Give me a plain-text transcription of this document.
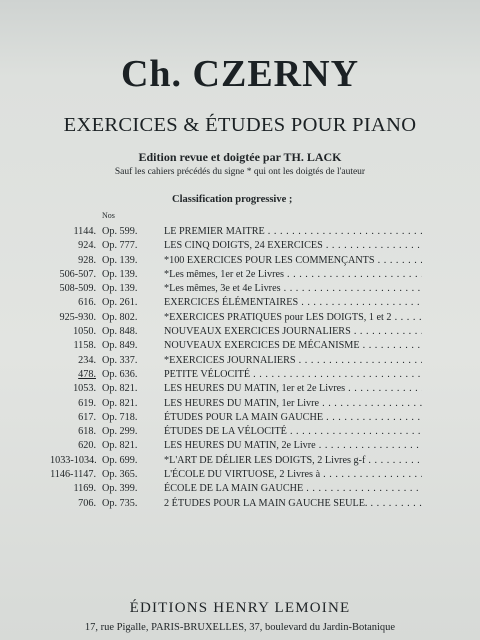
Ch. CZERNY
EXERCICES & ÉTUDES POUR PIANO
Edition revue et doigtée par TH. LACK
Sauf les cahiers précédés du signe * qui ont les doigtés de l'auteur
Classification progressive ;
Nos
1144. Op. 599.	LE PREMIER MAITRE . . .
924. Op. 777.	LES CINQ DOIGTS, 24 EXERCICES . . .
928. Op. 139.	*100 EXERCICES POUR LES COMMENÇANTS . . .
506-507. Op. 139.	*Les mêmes, 1er et 2e Livres . . .
508-509. Op. 139.	*Les mêmes, 3e et 4e Livres . . .
616. Op. 261.	EXERCICES ÉLÉMENTAIRES . . .
925-930. Op. 802.	*EXERCICES PRATIQUES pour LES DOIGTS, 1 et 2 . . .
1050. Op. 848.	NOUVEAUX EXERCICES JOURNALIERS . . .
1158. Op. 849.	NOUVEAUX EXERCICES DE MÉCANISME . . .
234. Op. 337.	*EXERCICES JOURNALIERS . . .
478. Op. 636.	PETITE VÉLOCITÉ . . .
1053. Op. 821.	LES HEURES DU MATIN, 1er et 2e Livres . . .
619. Op. 821.	LES HEURES DU MATIN, 1er Livre . . .
617. Op. 718.	ÉTUDES POUR LA MAIN GAUCHE . . .
618. Op. 299.	ÉTUDES DE LA VÉLOCITÉ . . .
620. Op. 821.	LES HEURES DU MATIN, 2e Livre . . .
1033-1034. Op. 699.	*L'ART DE DÉLIER LES DOIGTS, 2 Livres g-f . . .
1146-1147. Op. 365.	L'ÉCOLE DU VIRTUOSE, 2 Livres à . . .
1169. Op. 399.	ÉCOLE DE LA MAIN GAUCHE . . .
706. Op. 735.	2 ÉTUDES POUR LA MAIN GAUCHE SEULE. . . .
ÉDITIONS HENRY LEMOINE
17, rue Pigalle, PARIS-BRUXELLES, 37, boulevard du Jardin-Botanique
